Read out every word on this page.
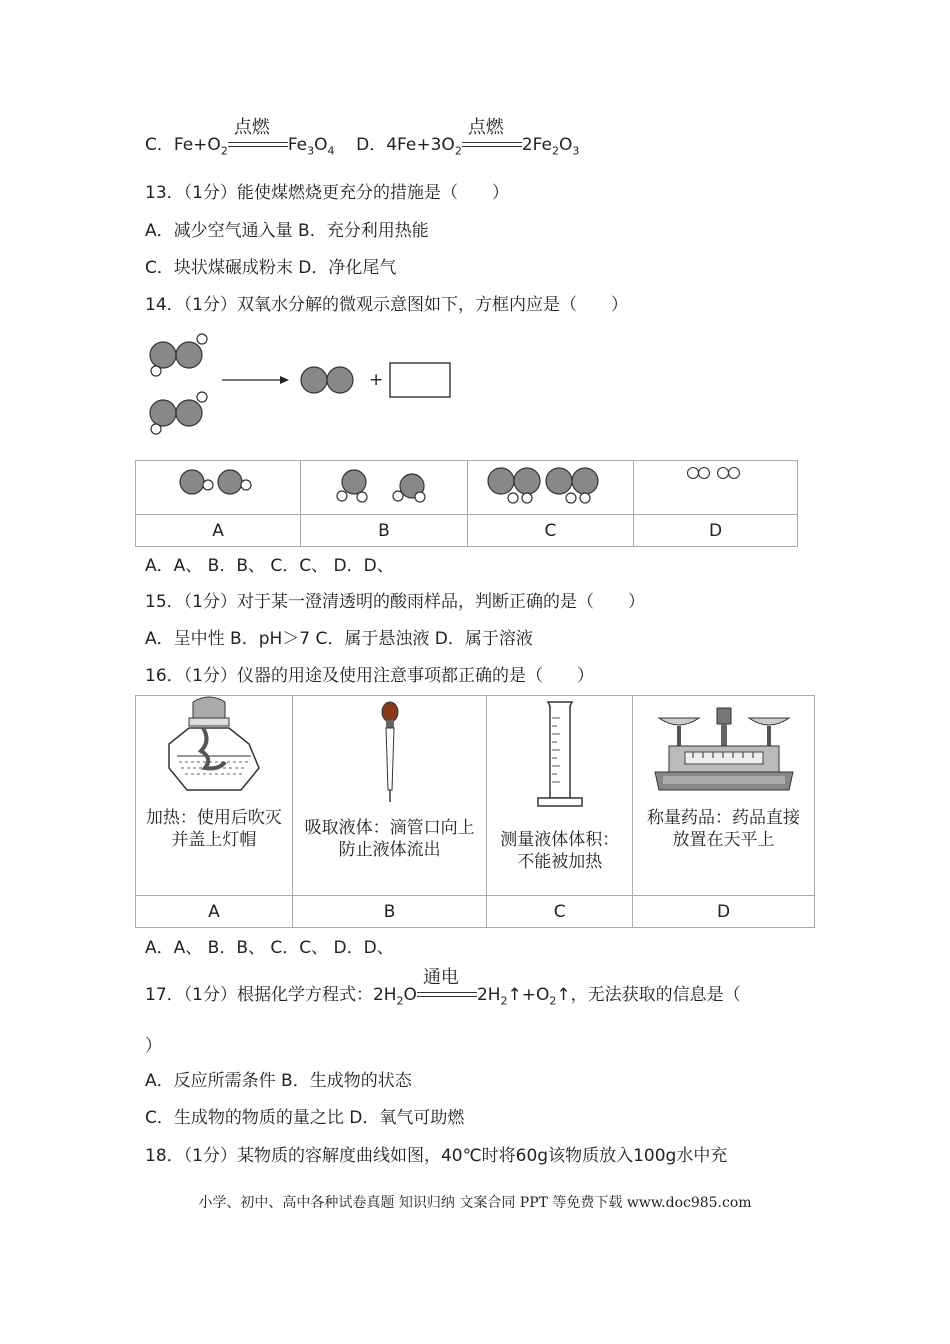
C．$Fe+O_2$
点燃
$Fe_3O_4$ D．$4Fe+3O_2$
点燃
$2Fe_2O_3$
13．（1分）能使煤燃烧更充分的措施是（　　）
A．减少空气通入量 B．充分利用热能
C．块状煤碾成粉末 D．净化尾气
14．（1分）双氧水分解的微观示意图如下，方框内应是（　　）
+

A	B	C	D
A．A、 B．B、 C．C、 D．D、
15．（1分）对于某一澄清透明的酸雨样品，判断正确的是（　　）
A．呈中性 B．pH＞7 C．属于悬浊液 D．属于溶液
16．（1分）仪器的用途及使用注意事项都正确的是（　　）
加热：使用后吹灭并盖上灯帽	吸取液体：滴管口向上防止液体流出	测量液体体积：不能被加热	称量药品：药品直接放置在天平上

A	B	C	D
A．A、 B．B、 C．C、 D．D、
17．（1分）根据化学方程式：$2H_2O$
通电
$2H_2↑+O_2↑$，无法获取的信息是（
）
A．反应所需条件 B．生成物的状态
C．生成物的物质的量之比 D．氧气可助燃
18．（1分）某物质的容解度曲线如图，40℃时将60g该物质放入100g水中充
小学、初中、高中各种试卷真题 知识归纳 文案合同 PPT 等免费下载 www.doc985.com
